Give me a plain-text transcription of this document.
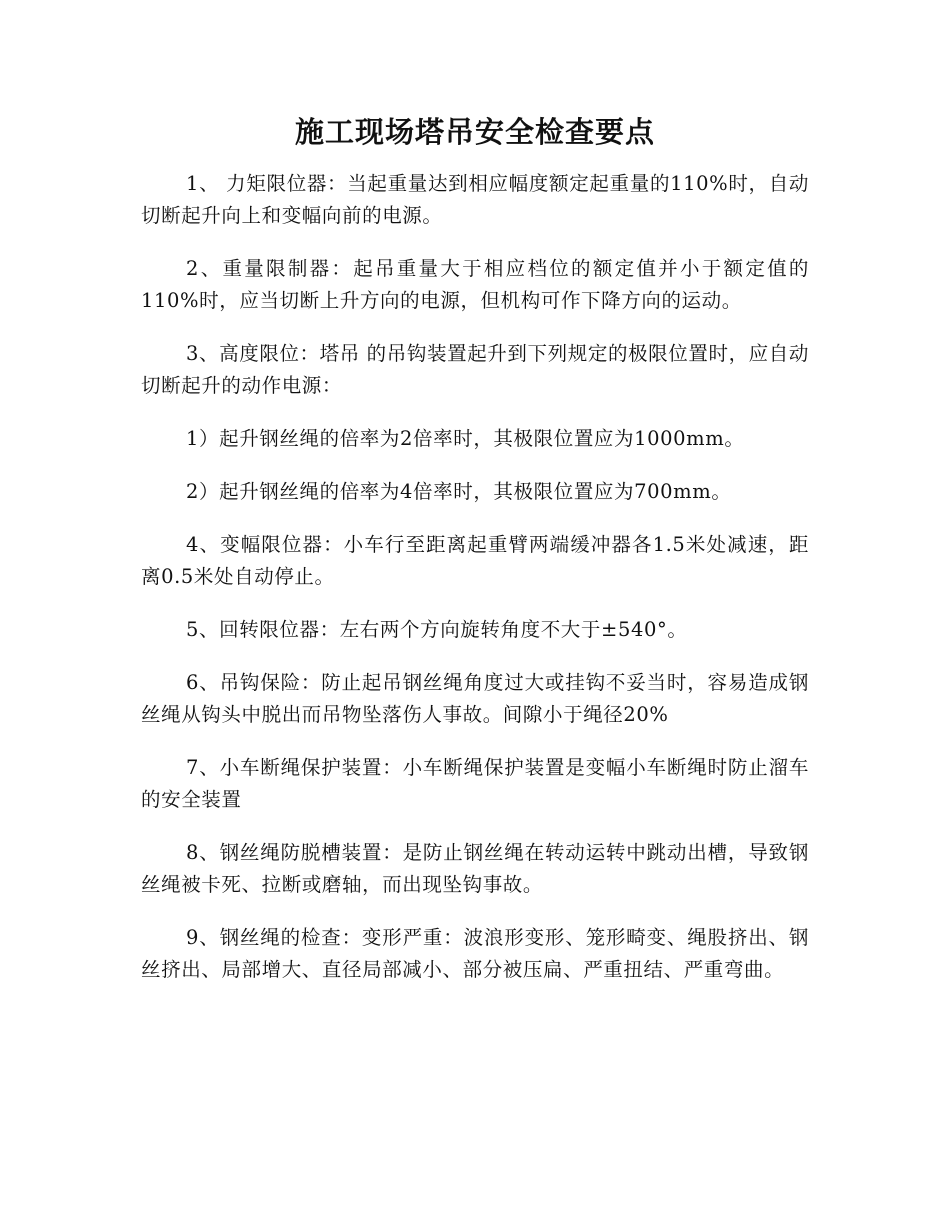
施工现场塔吊安全检查要点

1、 力矩限位器：当起重量达到相应幅度额定起重量的110%时，自动切断起升向上和变幅向前的电源。

2、重量限制器：起吊重量大于相应档位的额定值并小于额定值的110%时，应当切断上升方向的电源，但机构可作下降方向的运动。

3、高度限位：塔吊 的吊钩装置起升到下列规定的极限位置时，应自动切断起升的动作电源：

1）起升钢丝绳的倍率为2倍率时，其极限位置应为1000mm。

2）起升钢丝绳的倍率为4倍率时，其极限位置应为700mm。

4、变幅限位器：小车行至距离起重臂两端缓冲器各1.5米处减速，距离0.5米处自动停止。

5、回转限位器：左右两个方向旋转角度不大于±540°。

6、吊钩保险：防止起吊钢丝绳角度过大或挂钩不妥当时，容易造成钢丝绳从钩头中脱出而吊物坠落伤人事故。间隙小于绳径20%

7、小车断绳保护装置：小车断绳保护装置是变幅小车断绳时防止溜车的安全装置

8、钢丝绳防脱槽装置：是防止钢丝绳在转动运转中跳动出槽，导致钢丝绳被卡死、拉断或磨轴，而出现坠钩事故。

9、钢丝绳的检查：变形严重：波浪形变形、笼形畸变、绳股挤出、钢丝挤出、局部增大、直径局部减小、部分被压扁、严重扭结、严重弯曲。
